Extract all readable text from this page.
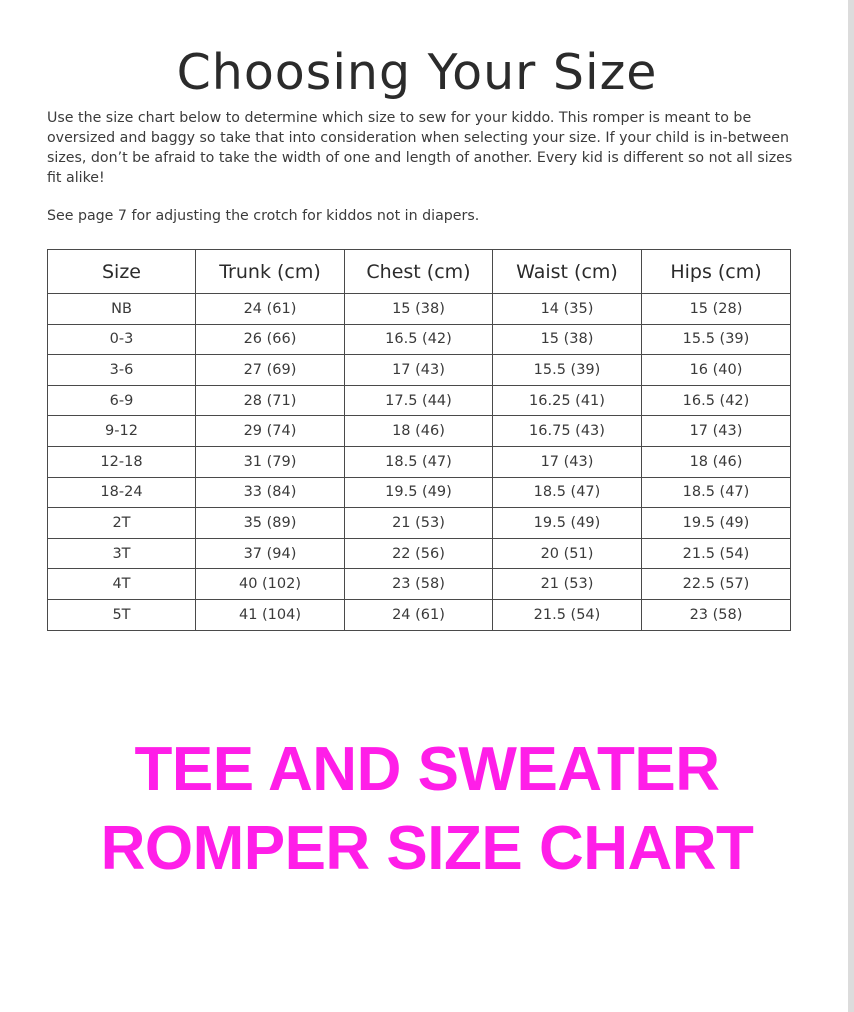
Choosing Your Size

Use the size chart below to determine which size to sew for your kiddo. This romper is meant to be oversized and baggy so take that into consideration when selecting your size. If your child is in-between sizes, don’t be afraid to take the width of one and length of another. Every kid is different so not all sizes fit alike!

See page 7 for adjusting the crotch for kiddos not in diapers.

Size	Trunk (cm)	Chest (cm)	Waist (cm)	Hips (cm)
NB	24 (61)	15 (38)	14 (35)	15 (28)
0-3	26 (66)	16.5 (42)	15 (38)	15.5 (39)
3-6	27 (69)	17 (43)	15.5 (39)	16 (40)
6-9	28 (71)	17.5 (44)	16.25 (41)	16.5 (42)
9-12	29 (74)	18 (46)	16.75 (43)	17 (43)
12-18	31 (79)	18.5 (47)	17 (43)	18 (46)
18-24	33 (84)	19.5 (49)	18.5 (47)	18.5 (47)
2T	35 (89)	21 (53)	19.5 (49)	19.5 (49)
3T	37 (94)	22 (56)	20 (51)	21.5 (54)
4T	40 (102)	23 (58)	21 (53)	22.5 (57)
5T	41 (104)	24 (61)	21.5 (54)	23 (58)
TEE AND SWEATER
ROMPER SIZE CHART
